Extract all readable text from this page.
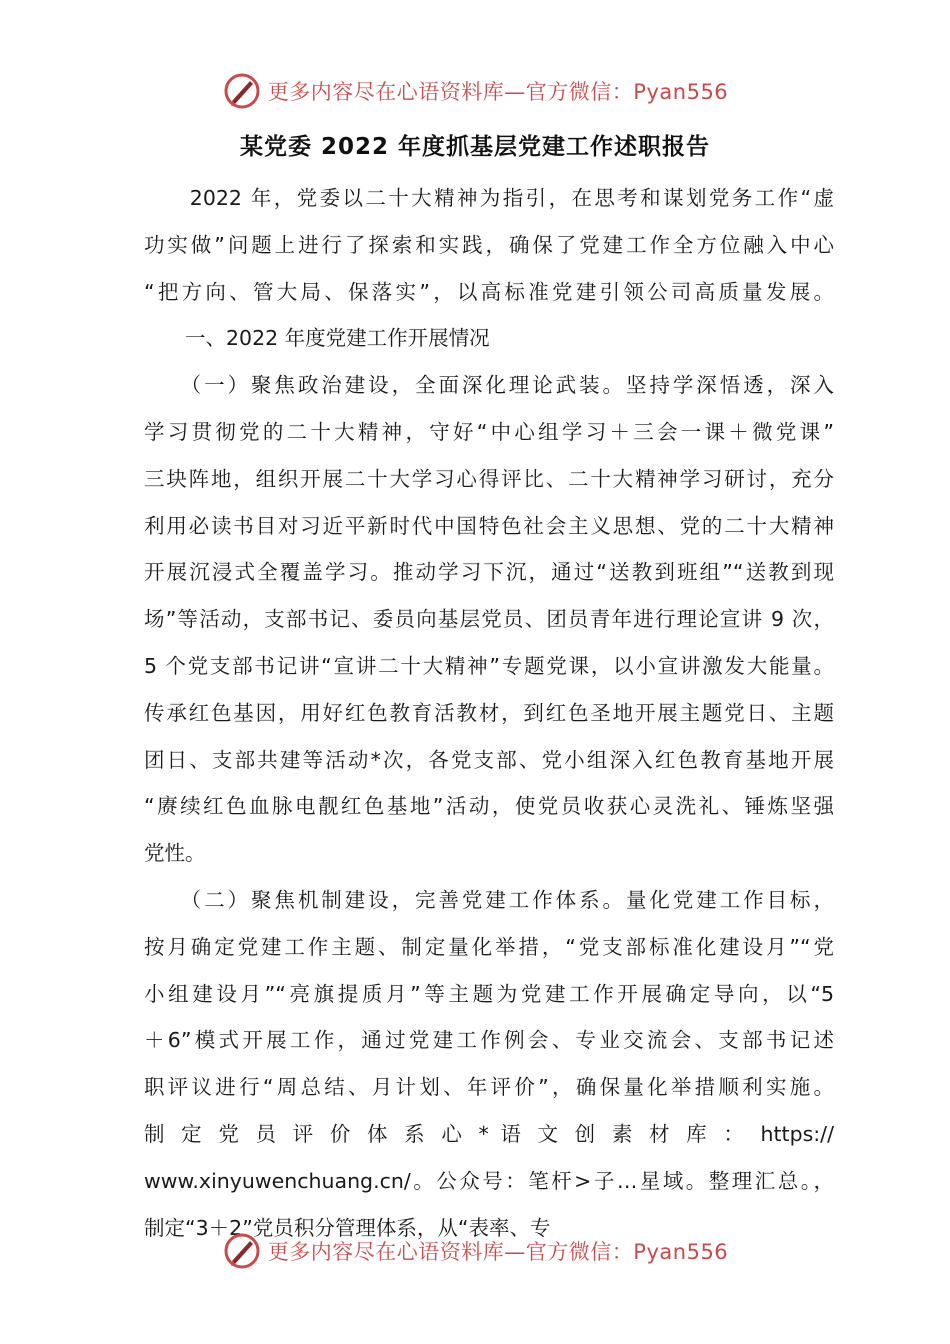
更多内容尽在心语资料库—官方微信：Pyan556
某党委 2022 年度抓基层党建工作述职报告
　　2022 年，党委以二十大精神为指引，在思考和谋划党务工作“虚
功实做”问题上进行了探索和实践，确保了党建工作全方位融入中心
“把方向、管大局、保落实”，以高标准党建引领公司高质量发展。
　　一、2022 年度党建工作开展情况
　　（一）聚焦政治建设，全面深化理论武装。坚持学深悟透，深入
学习贯彻党的二十大精神，守好“中心组学习＋三会一课＋微党课”
三块阵地，组织开展二十大学习心得评比、二十大精神学习研讨，充分
利用必读书目对习近平新时代中国特色社会主义思想、党的二十大精神
开展沉浸式全覆盖学习。推动学习下沉，通过“送教到班组”“送教到现
场”等活动，支部书记、委员向基层党员、团员青年进行理论宣讲 9 次，
5 个党支部书记讲“宣讲二十大精神”专题党课，以小宣讲激发大能量。
传承红色基因，用好红色教育活教材，到红色圣地开展主题党日、主题
团日、支部共建等活动*次，各党支部、党小组深入红色教育基地开展
“赓续红色血脉电靓红色基地”活动，使党员收获心灵洗礼、锤炼坚强
党性。
　　（二）聚焦机制建设，完善党建工作体系。量化党建工作目标，
按月确定党建工作主题、制定量化举措，“党支部标准化建设月”“党
小组建设月”“亮旗提质月”等主题为党建工作开展确定导向，以“5
＋6”模式开展工作，通过党建工作例会、专业交流会、支部书记述
职评议进行“周总结、月计划、年评价”，确保量化举措顺利实施。
制 定 党 员 评 价 体 系 心 * 语 文 创 素 材 库 ： https://
www.xinyuwenchuang.cn/。公众号：笔杆>子…星域。整理汇总。，
制定“3＋2”党员积分管理体系，从“表率、专
更多内容尽在心语资料库—官方微信：Pyan556
